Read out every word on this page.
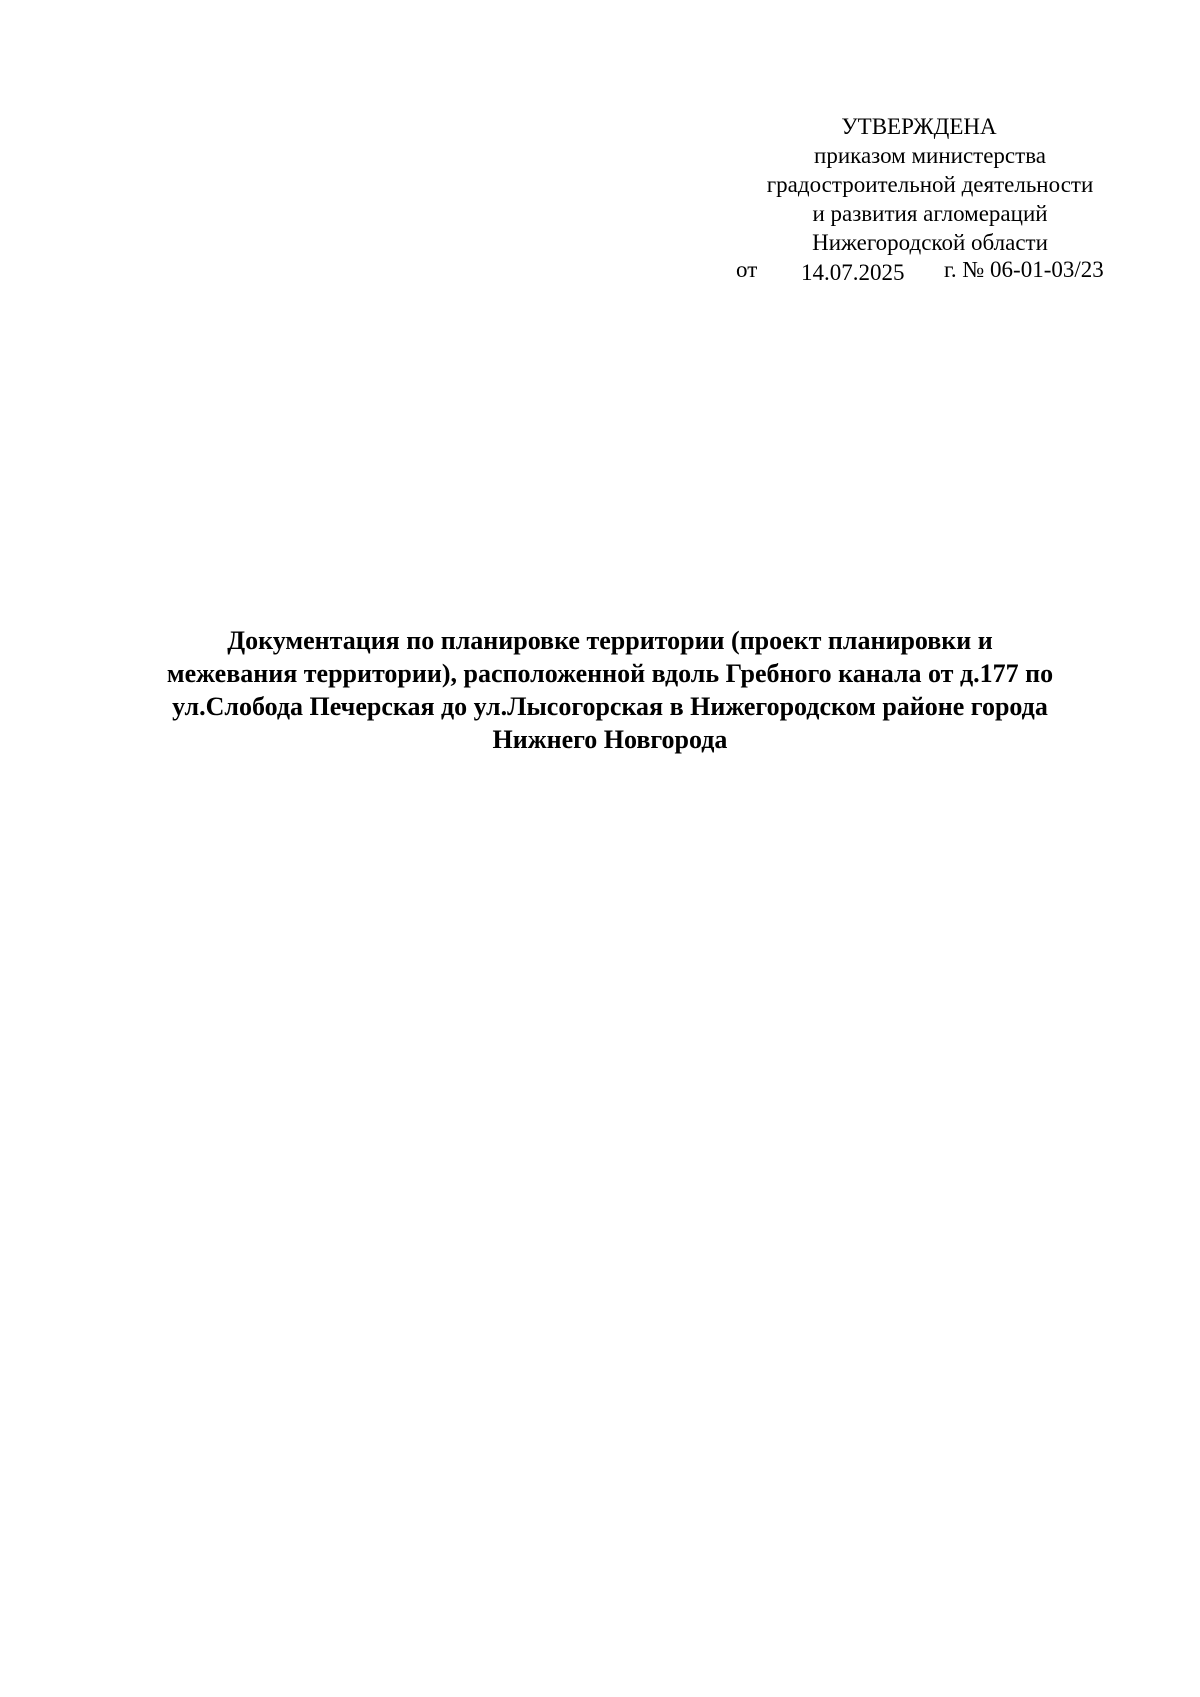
УТВЕРЖДЕНА
приказом министерства
градостроительной деятельности
и развития агломераций
Нижегородской области
от 14.07.2025 г. № 06-01-03/23
Документация по планировке территории (проект планировки и
межевания территории), расположенной вдоль Гребного канала от д.177 по
ул.Слобода Печерская до ул.Лысогорская в Нижегородском районе города
Нижнего Новгорода
